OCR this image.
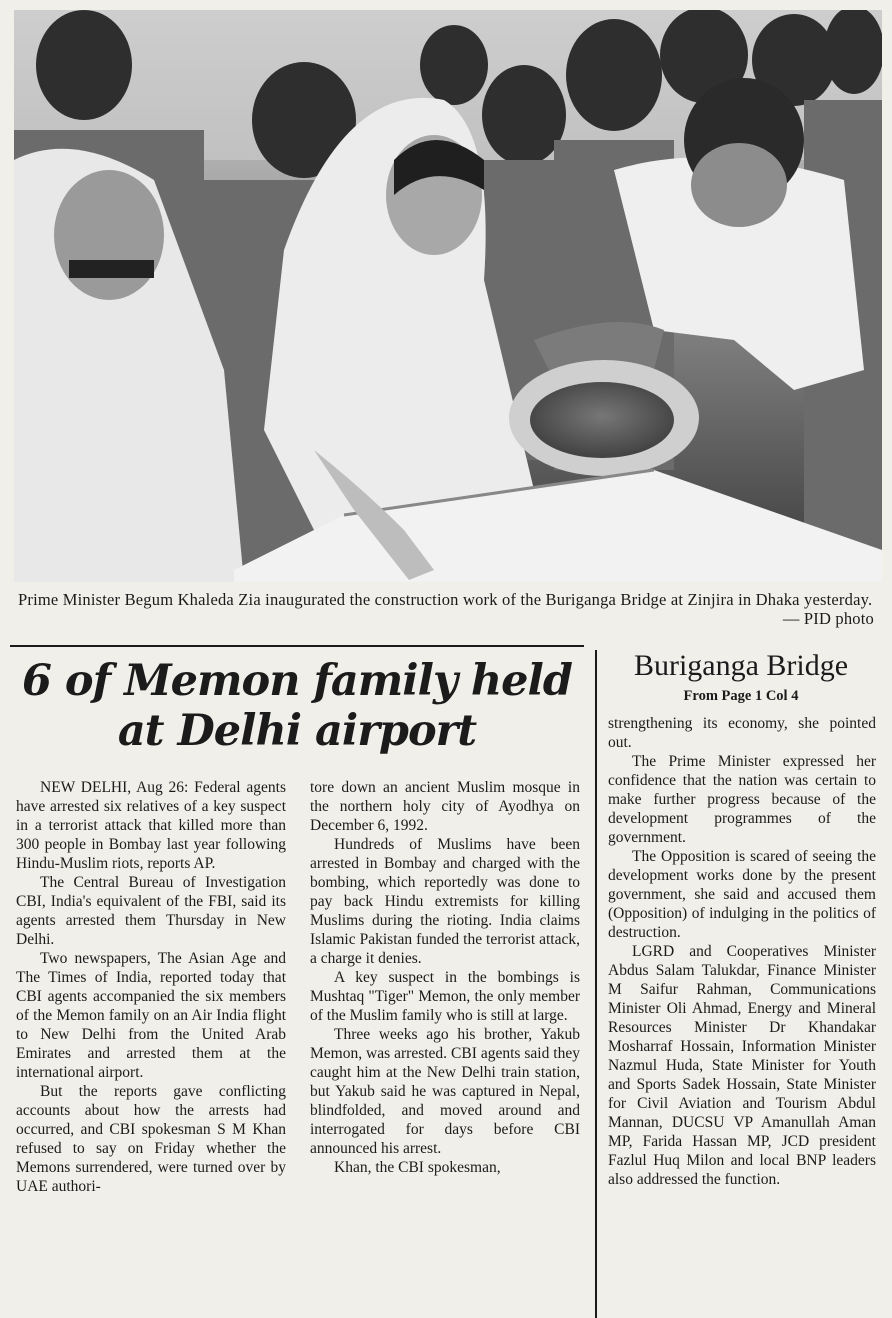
Prime Minister Begum Khaleda Zia inaugurated the construction work of the Buriganga Bridge at Zinjira in Dhaka yesterday.
— PID photo
6 of Memon family held at Delhi airport

NEW DELHI, Aug 26: Federal agents have arrested six relatives of a key suspect in a terrorist attack that killed more than 300 people in Bombay last year following Hindu-Muslim riots, reports AP.

The Central Bureau of Investigation CBI, India's equivalent of the FBI, said its agents arrested them Thursday in New Delhi.

Two newspapers, The Asian Age and The Times of India, reported today that CBI agents accompanied the six members of the Memon family on an Air India flight to New Delhi from the United Arab Emirates and arrested them at the international airport.

But the reports gave conflicting accounts about how the arrests had occurred, and CBI spokesman S M Khan refused to say on Friday whether the Memons surrendered, were turned over by UAE authori-

tore down an ancient Muslim mosque in the northern holy city of Ayodhya on December 6, 1992.

Hundreds of Muslims have been arrested in Bombay and charged with the bombing, which reportedly was done to pay back Hindu extremists for killing Muslims during the rioting. India claims Islamic Pakistan funded the terrorist attack, a charge it denies.

A key suspect in the bombings is Mushtaq "Tiger" Memon, the only member of the Muslim family who is still at large.

Three weeks ago his brother, Yakub Memon, was arrested. CBI agents said they caught him at the New Delhi train station, but Yakub said he was captured in Nepal, blindfolded, and moved around and interrogated for days before CBI announced his arrest.

Khan, the CBI spokesman,

Buriganga Bridge
From Page 1 Col 4

strengthening its economy, she pointed out.

The Prime Minister expressed her confidence that the nation was certain to make further progress because of the development programmes of the government.

The Opposition is scared of seeing the development works done by the present government, she said and accused them (Opposition) of indulging in the politics of destruction.

LGRD and Cooperatives Minister Abdus Salam Talukdar, Finance Minister M Saifur Rahman, Communications Minister Oli Ahmad, Energy and Mineral Resources Minister Dr Khandakar Mosharraf Hossain, Information Minister Nazmul Huda, State Minister for Youth and Sports Sadek Hossain, State Minister for Civil Aviation and Tourism Abdul Mannan, DUCSU VP Amanullah Aman MP, Farida Hassan MP, JCD president Fazlul Huq Milon and local BNP leaders also addressed the function.
